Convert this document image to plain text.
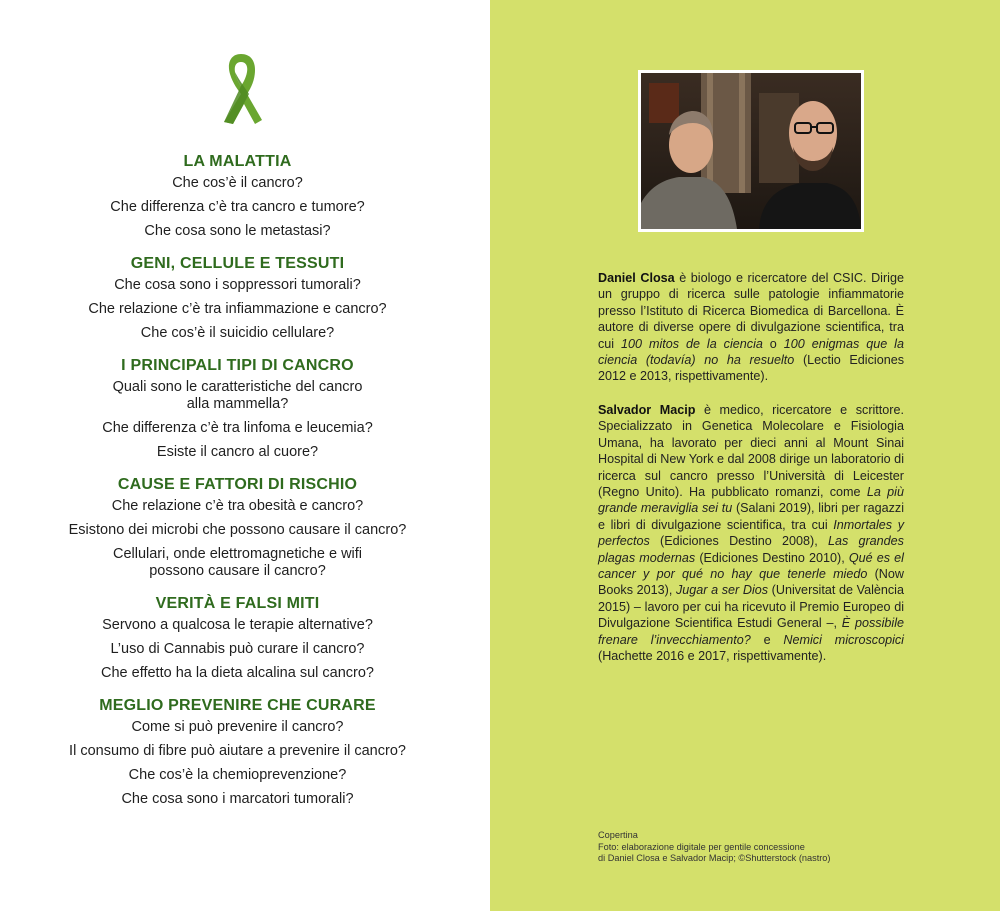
LA MALATTIA
Che cos’è il cancro?
Che differenza c’è tra cancro e tumore?
Che cosa sono le metastasi?
GENI, CELLULE E TESSUTI
Che cosa sono i soppressori tumorali?
Che relazione c’è tra infiammazione e cancro?
Che cos’è il suicidio cellulare?
I PRINCIPALI TIPI DI CANCRO
Quali sono le caratteristiche del cancro
alla mammella?
Che differenza c’è tra linfoma e leucemia?
Esiste il cancro al cuore?
CAUSE E FATTORI DI RISCHIO
Che relazione c’è tra obesità e cancro?
Esistono dei microbi che possono causare il cancro?
Cellulari, onde elettromagnetiche e wifi
possono causare il cancro?
VERITÀ E FALSI MITI
Servono a qualcosa le terapie alternative?
L’uso di Cannabis può curare il cancro?
Che effetto ha la dieta alcalina sul cancro?
MEGLIO PREVENIRE CHE CURARE
Come si può prevenire il cancro?
Il consumo di fibre può aiutare a prevenire il cancro?
Che cos’è la chemioprevenzione?
Che cosa sono i marcatori tumorali?
Daniel Closa è biologo e ricercatore del CSIC. Dirige un gruppo di ricerca sulle patologie infiammatorie presso l’Istituto di Ricerca Biomedica di Barcellona. È autore di diverse opere di divulgazione scientifica, tra cui 100 mitos de la ciencia o 100 enigmas que la ciencia (todavía) no ha resuelto (Lectio Ediciones 2012 e 2013, rispettivamente).
Salvador Macip è medico, ricercatore e scrittore. Specializzato in Genetica Molecolare e Fisiologia Umana, ha lavorato per dieci anni al Mount Sinai Hospital di New York e dal 2008 dirige un laboratorio di ricerca sul cancro presso l’Università di Leicester (Regno Unito). Ha pubblicato romanzi, come La più grande meraviglia sei tu (Salani 2019), libri per ragazzi e libri di divulgazione scientifica, tra cui Inmortales y perfectos (Ediciones Destino 2008), Las grandes plagas modernas (Ediciones Destino 2010), Qué es el cancer y por qué no hay que tenerle miedo (Now Books 2013), Jugar a ser Dios (Universitat de València 2015) – lavoro per cui ha ricevuto il Premio Europeo di Divulgazione Scientifica Estudi General –, È possibile frenare l’invecchiamento? e Nemici microscopici (Hachette 2016 e 2017, rispettivamente).
Copertina
Foto: elaborazione digitale per gentile concessione
di Daniel Closa e Salvador Macip; ©Shutterstock (nastro)
